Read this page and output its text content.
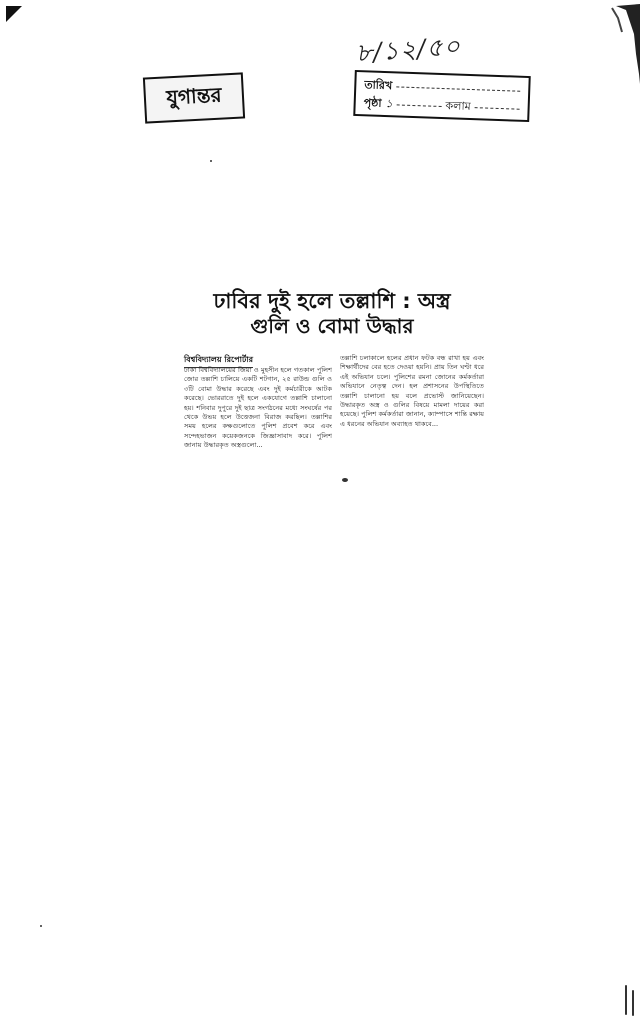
৮/১২/৫০
যুগান্তর	তারিখ
পৃষ্ঠা ১	কলাম
ঢাবির দুই হলে তল্লাশি : অস্ত্র
গুলি ও বোমা উদ্ধার
বিশ্ববিদ্যালয় রিপোর্টার
ঢাকা বিশ্ববিদ্যালয়ের জিয়া ও মুহসীন হলে গতকাল পুলিশ জোর তল্লাশি চালিয়ে একটি শটগান, ২৫ রাউন্ড গুলি ও ৩টি বোমা উদ্ধার করেছে এবং দুই কর্মচারীকে আটক করেছে। ভোররাতে দুই হলে একযোগে তল্লাশি চালানো হয়। শনিবার দুপুরে দুই ছাত্র সংগঠনের মধ্যে সংঘর্ষের পর থেকে উভয় হলে উত্তেজনা বিরাজ করছিল। তল্লাশির সময় হলের কক্ষগুলোতে পুলিশ প্রবেশ করে এবং সন্দেহভাজন কয়েকজনকে জিজ্ঞাসাবাদ করে। পুলিশ জানায় উদ্ধারকৃত অস্ত্রগুলো...
তল্লাশি চলাকালে হলের প্রধান ফটক বন্ধ রাখা হয় এবং শিক্ষার্থীদের বের হতে দেওয়া হয়নি। প্রায় তিন ঘণ্টা ধরে এই অভিযান চলে। পুলিশের রমনা জোনের কর্মকর্তারা অভিযানে নেতৃত্ব দেন। হল প্রশাসনের উপস্থিতিতে তল্লাশি চালানো হয় বলে প্রভোস্ট জানিয়েছেন। উদ্ধারকৃত অস্ত্র ও গুলির বিষয়ে মামলা দায়ের করা হয়েছে। পুলিশ কর্মকর্তারা জানান, ক্যাম্পাসে শান্তি রক্ষায় এ ধরনের অভিযান অব্যাহত থাকবে...
